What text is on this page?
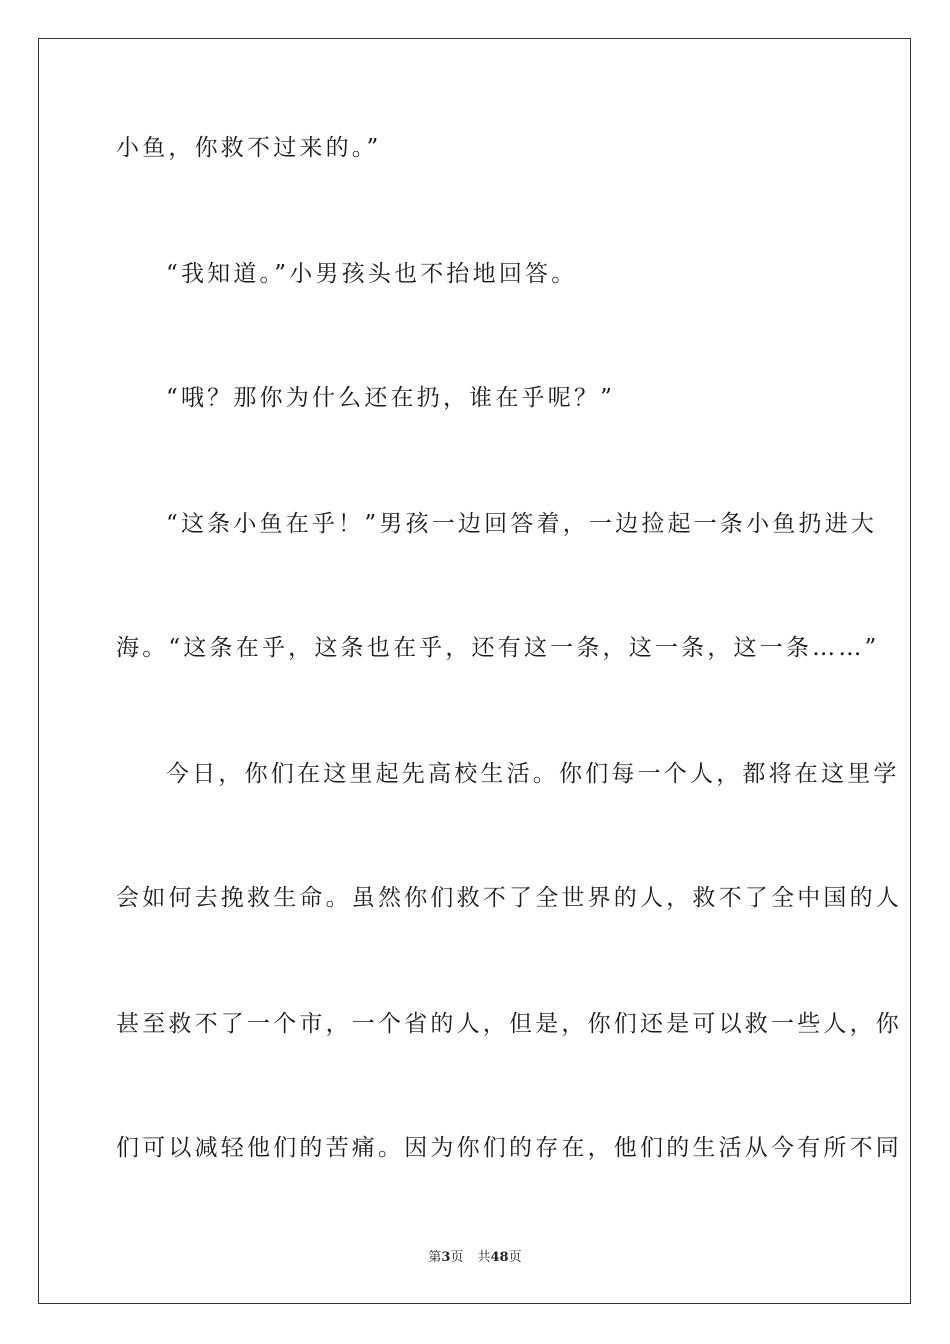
小鱼，你救不过来的。”
“我知道。”小男孩头也不抬地回答。
“哦？那你为什么还在扔，谁在乎呢？”
“这条小鱼在乎！”男孩一边回答着，一边捡起一条小鱼扔进大
海。“这条在乎，这条也在乎，还有这一条，这一条，这一条……”
今日，你们在这里起先高校生活。你们每一个人，都将在这里学
会如何去挽救生命。虽然你们救不了全世界的人，救不了全中国的人
甚至救不了一个市，一个省的人，但是，你们还是可以救一些人，你
们可以减轻他们的苦痛。因为你们的存在，他们的生活从今有所不同
第3页 共48页
